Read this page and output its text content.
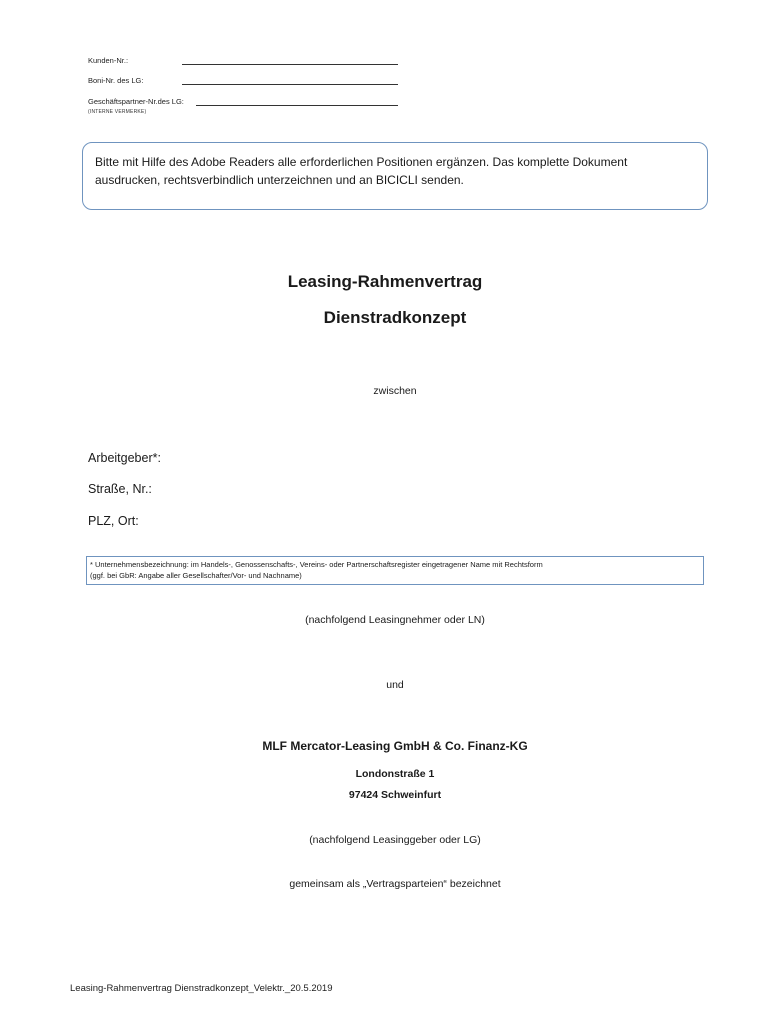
Kunden-Nr.:
Boni-Nr. des LG:
Geschäftspartner-Nr.des LG:
(INTERNE VERMERKE)
Bitte mit Hilfe des Adobe Readers alle erforderlichen Positionen ergänzen. Das komplette Dokument ausdrucken, rechtsverbindlich unterzeichnen und an BICICLI senden.
Leasing-Rahmenvertrag
Dienstradkonzept
zwischen
Arbeitgeber*:
Straße, Nr.:
PLZ, Ort:
* Unternehmensbezeichnung: im Handels-, Genossenschafts-, Vereins- oder Partnerschaftsregister eingetragener Name mit Rechtsform
(ggf. bei GbR: Angabe aller Gesellschafter/Vor- und Nachname)
(nachfolgend Leasingnehmer oder LN)
und
MLF Mercator-Leasing GmbH & Co. Finanz-KG
Londonstraße 1
97424 Schweinfurt
(nachfolgend Leasinggeber oder LG)
gemeinsam als „Vertragsparteien“ bezeichnet
Leasing-Rahmenvertrag Dienstradkonzept_Velektr._20.5.2019
